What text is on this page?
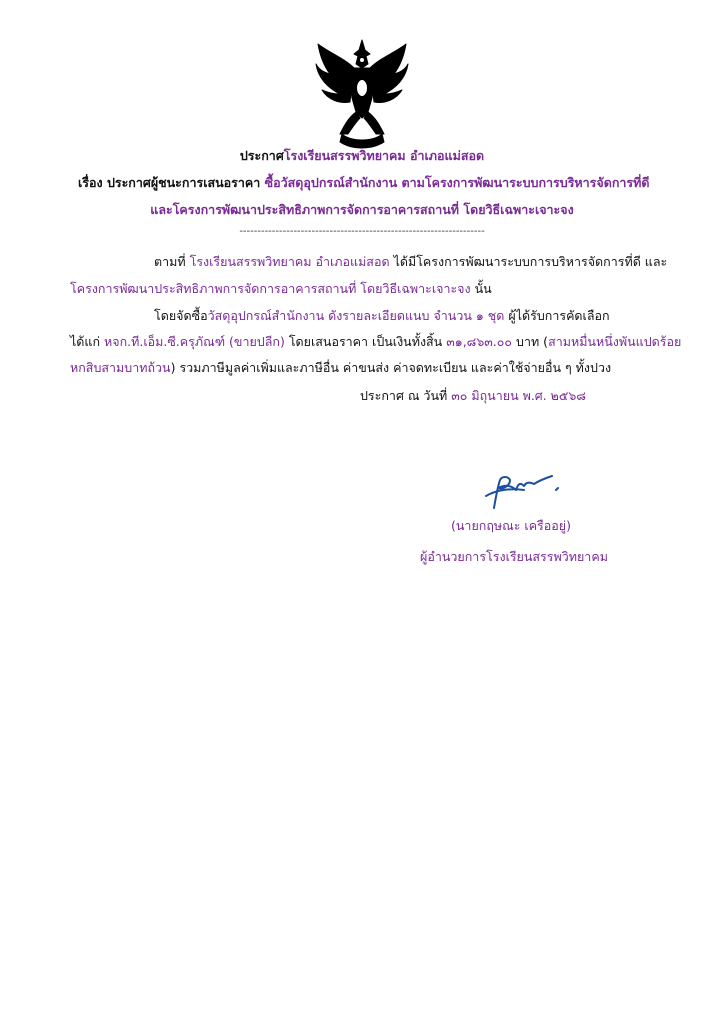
ประกาศโรงเรียนสรรพวิทยาคม อำเภอแม่สอด
เรื่อง ประกาศผู้ชนะการเสนอราคา ซื้อวัสดุอุปกรณ์สำนักงาน ตามโครงการพัฒนาระบบการบริหารจัดการที่ดี
และโครงการพัฒนาประสิทธิภาพการจัดการอาคารสถานที่ โดยวิธีเฉพาะเจาะจง
--------------------------------------------------------------------
ตามที่ โรงเรียนสรรพวิทยาคม อำเภอแม่สอด ได้มีโครงการพัฒนาระบบการบริหารจัดการที่ดี และ
โครงการพัฒนาประสิทธิภาพการจัดการอาคารสถานที่ โดยวิธีเฉพาะเจาะจง นั้น
โดยจัดซื้อวัสดุอุปกรณ์สำนักงาน ดังรายละเอียดแนบ จำนวน ๑ ชุด ผู้ได้รับการคัดเลือก
ได้แก่ หจก.ที.เอ็ม.ซี.ครุภัณฑ์ (ขายปลีก) โดยเสนอราคา เป็นเงินทั้งสิ้น ๓๑,๘๖๓.๐๐ บาท (สามหมื่นหนึ่งพันแปดร้อย
หกสิบสามบาทถ้วน) รวมภาษีมูลค่าเพิ่มและภาษีอื่น ค่าขนส่ง ค่าจดทะเบียน และค่าใช้จ่ายอื่น ๆ ทั้งปวง
ประกาศ ณ วันที่ ๓๐ มิถุนายน พ.ศ. ๒๕๖๘
(นายกฤษณะ เครืออยู่)
ผู้อำนวยการโรงเรียนสรรพวิทยาคม
